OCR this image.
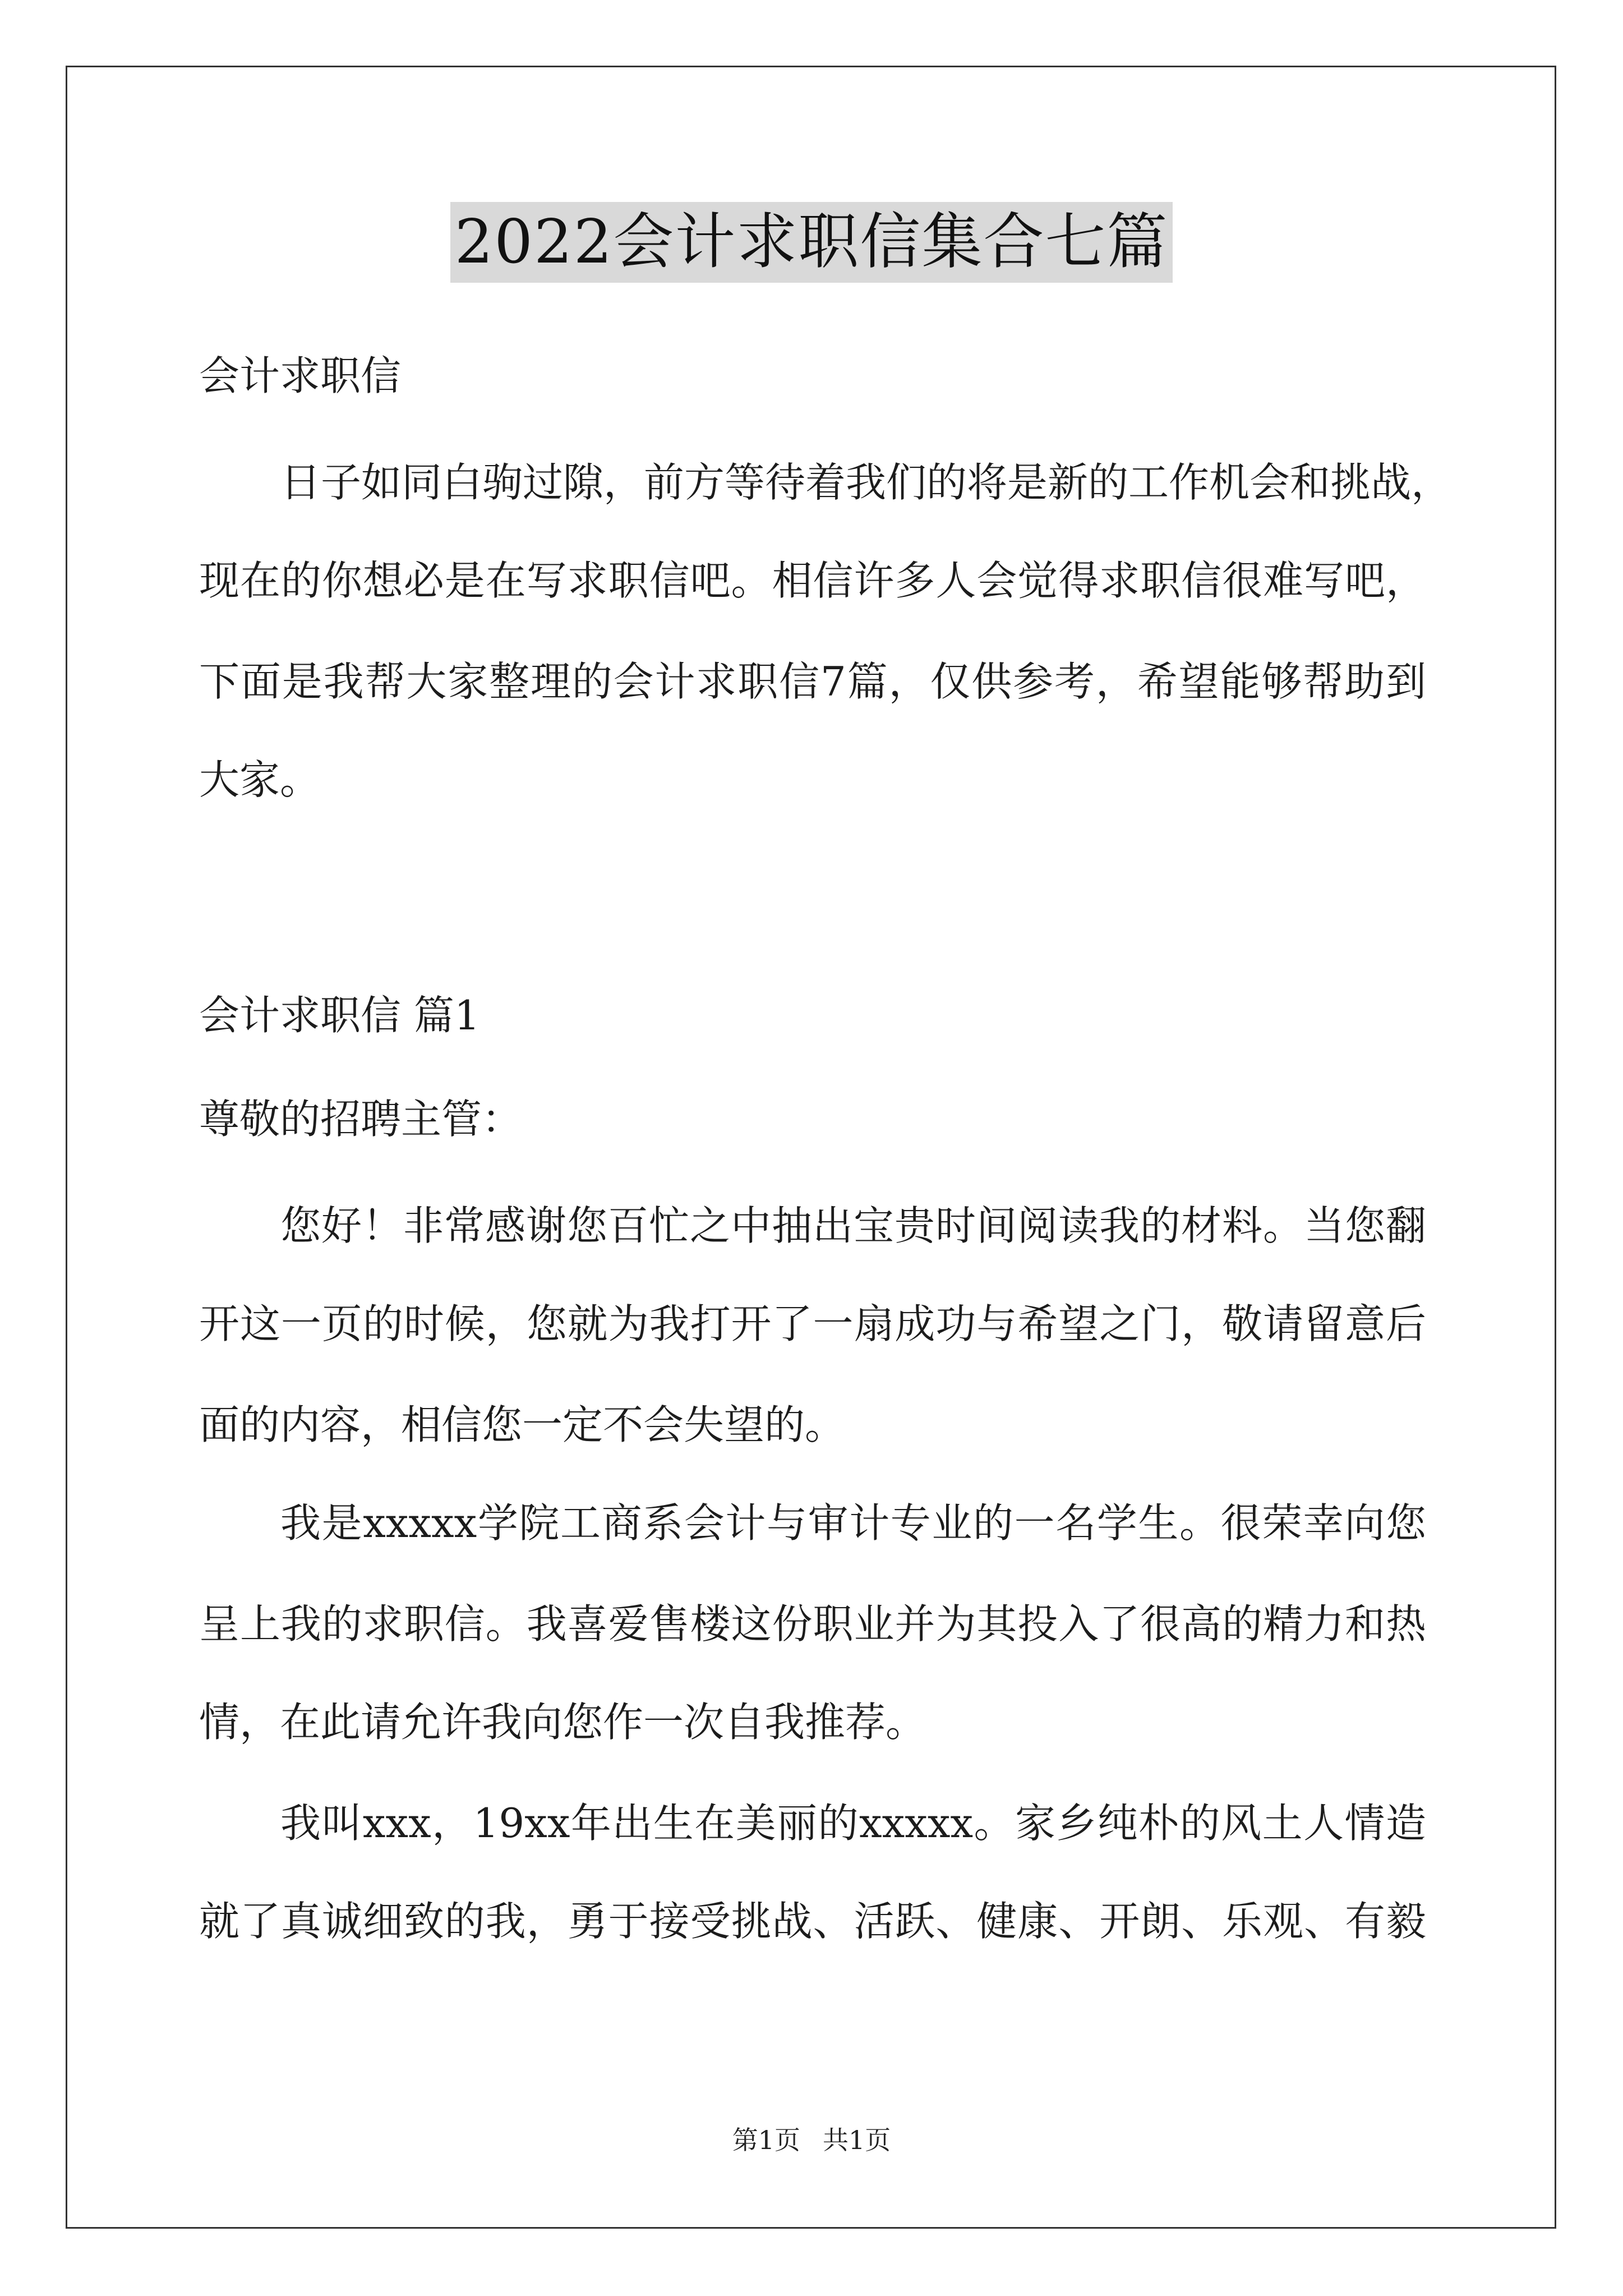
2022会计求职信集合七篇
会计求职信
日子如同白驹过隙，前方等待着我们的将是新的工作机会和挑战，
现在的你想必是在写求职信吧。相信许多人会觉得求职信很难写吧，
下面是我帮大家整理的会计求职信7篇，仅供参考，希望能够帮助到
大家。
会计求职信 篇1
尊敬的招聘主管：
您好！非常感谢您百忙之中抽出宝贵时间阅读我的材料。当您翻
开这一页的时候，您就为我打开了一扇成功与希望之门，敬请留意后
面的内容，相信您一定不会失望的。
我是xxxxx学院工商系会计与审计专业的一名学生。很荣幸向您
呈上我的求职信。我喜爱售楼这份职业并为其投入了很高的精力和热
情，在此请允许我向您作一次自我推荐。
我叫xxx，19xx年出生在美丽的xxxxx。家乡纯朴的风土人情造
就了真诚细致的我，勇于接受挑战、活跃、健康、开朗、乐观、有毅
第1页 共1页
